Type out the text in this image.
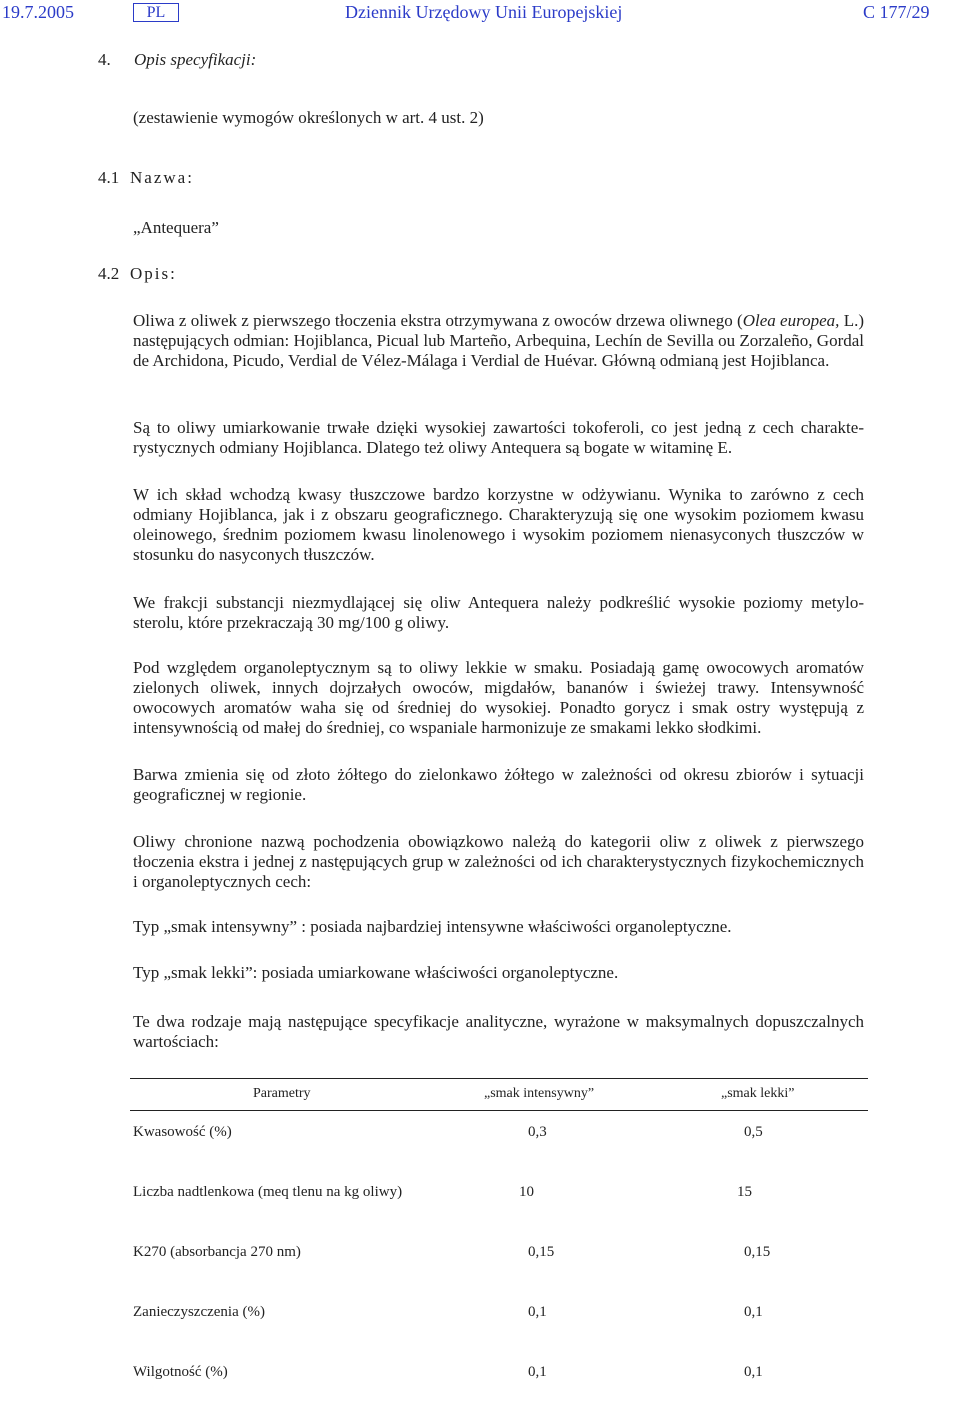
19.7.2005	PL	Dziennik Urzędowy Unii Europejskiej	C 177/29
4. Opis specyfikacji:
(zestawienie wymogów określonych w art. 4 ust. 2)
4.1 Nazwa:
„Antequera”
4.2 Opis:

Oliwa z oliwek z pierwszego tłoczenia ekstra otrzymywana z owoców drzewa oliwnego (Olea europea, L.) następujących odmian: Hojiblanca, Picual lub Marteño, Arbequina, Lechín de Sevilla ou Zorzaleño, Gordal de Archidona, Picudo, Verdial de Vélez-Málaga i Verdial de Huévar. Główną odmianą jest Hojiblanca.

Są to oliwy umiarkowanie trwałe dzięki wysokiej zawartości tokoferoli, co jest jedną z cech charakterystycznych odmiany Hojiblanca. Dlatego też oliwy Antequera są bogate w witaminę E.

W ich skład wchodzą kwasy tłuszczowe bardzo korzystne w odżywianu. Wynika to zarówno z cech odmiany Hojiblanca, jak i z obszaru geograficznego. Charakteryzują się one wysokim poziomem kwasu oleinowego, średnim poziomem kwasu linolenowego i wysokim poziomem nienasyconych tłuszczów w stosunku do nasyconych tłuszczów.

We frakcji substancji niezmydlającej się oliw Antequera należy podkreślić wysokie poziomy metylosterolu, które przekraczają 30 mg/100 g oliwy.

Pod względem organoleptycznym są to oliwy lekkie w smaku. Posiadają gamę owocowych aromatów zielonych oliwek, innych dojrzałych owoców, migdałów, bananów i świeżej trawy. Intensywność owocowych aromatów waha się od średniej do wysokiej. Ponadto gorycz i smak ostry występują z intensywnością od małej do średniej, co wspaniale harmonizuje ze smakami lekko słodkimi.

Barwa zmienia się od złoto żółtego do zielonkawo żółtego w zależności od okresu zbiorów i sytuacji geograficznej w regionie.

Oliwy chronione nazwą pochodzenia obowiązkowo należą do kategorii oliw z oliwek z pierwszego tłoczenia ekstra i jednej z następujących grup w zależności od ich charakterystycznych fizykochemicznych i organoleptycznych cech:

Typ „smak intensywny” : posiada najbardziej intensywne właściwości organoleptyczne.

Typ „smak lekki”: posiada umiarkowane właściwości organoleptyczne.

Te dwa rodzaje mają następujące specyfikacje analityczne, wyrażone w maksymalnych dopuszczalnych wartościach:

Parametry	„smak intensywny”	„smak lekki”
Kwasowość (%)	0,3	0,5
Liczba nadtlenkowa (meq tlenu na kg oliwy)	10	15
K270 (absorbancja 270 nm)	0,15	0,15
Zanieczyszczenia (%)	0,1	0,1
Wilgotność (%)	0,1	0,1
